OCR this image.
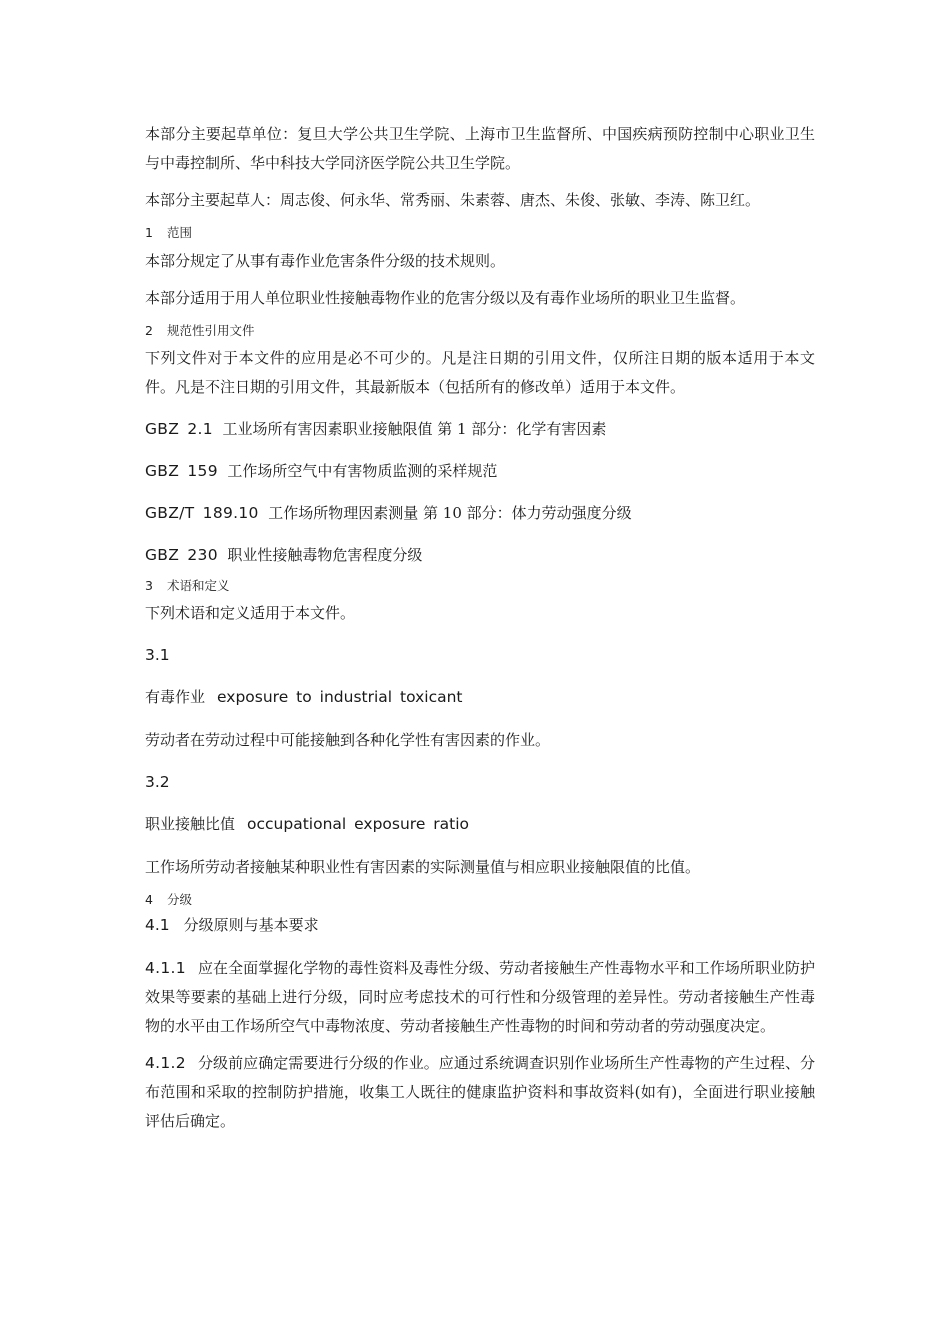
本部分主要起草单位：复旦大学公共卫生学院、上海市卫生监督所、中国疾病预防控制中心职业卫生与中毒控制所、华中科技大学同济医学院公共卫生学院。

本部分主要起草人：周志俊、何永华、常秀丽、朱素蓉、唐杰、朱俊、张敏、李涛、陈卫红。

1 范围

本部分规定了从事有毒作业危害条件分级的技术规则。

本部分适用于用人单位职业性接触毒物作业的危害分级以及有毒作业场所的职业卫生监督。

2 规范性引用文件

下列文件对于本文件的应用是必不可少的。凡是注日期的引用文件，仅所注日期的版本适用于本文件。凡是不注日期的引用文件，其最新版本（包括所有的修改单）适用于本文件。

GBZ 2.1 工业场所有害因素职业接触限值 第 1 部分：化学有害因素

GBZ 159 工作场所空气中有害物质监测的采样规范

GBZ/T 189.10 工作场所物理因素测量 第 10 部分：体力劳动强度分级

GBZ 230 职业性接触毒物危害程度分级

3 术语和定义

下列术语和定义适用于本文件。

3.1

有毒作业 exposure to industrial toxicant

劳动者在劳动过程中可能接触到各种化学性有害因素的作业。

3.2

职业接触比值 occupational exposure ratio

工作场所劳动者接触某种职业性有害因素的实际测量值与相应职业接触限值的比值。

4 分级

4.1 分级原则与基本要求

4.1.1 应在全面掌握化学物的毒性资料及毒性分级、劳动者接触生产性毒物水平和工作场所职业防护效果等要素的基础上进行分级，同时应考虑技术的可行性和分级管理的差异性。劳动者接触生产性毒物的水平由工作场所空气中毒物浓度、劳动者接触生产性毒物的时间和劳动者的劳动强度决定。

4.1.2 分级前应确定需要进行分级的作业。应通过系统调查识别作业场所生产性毒物的产生过程、分布范围和采取的控制防护措施，收集工人既往的健康监护资料和事故资料(如有)，全面进行职业接触评估后确定。
